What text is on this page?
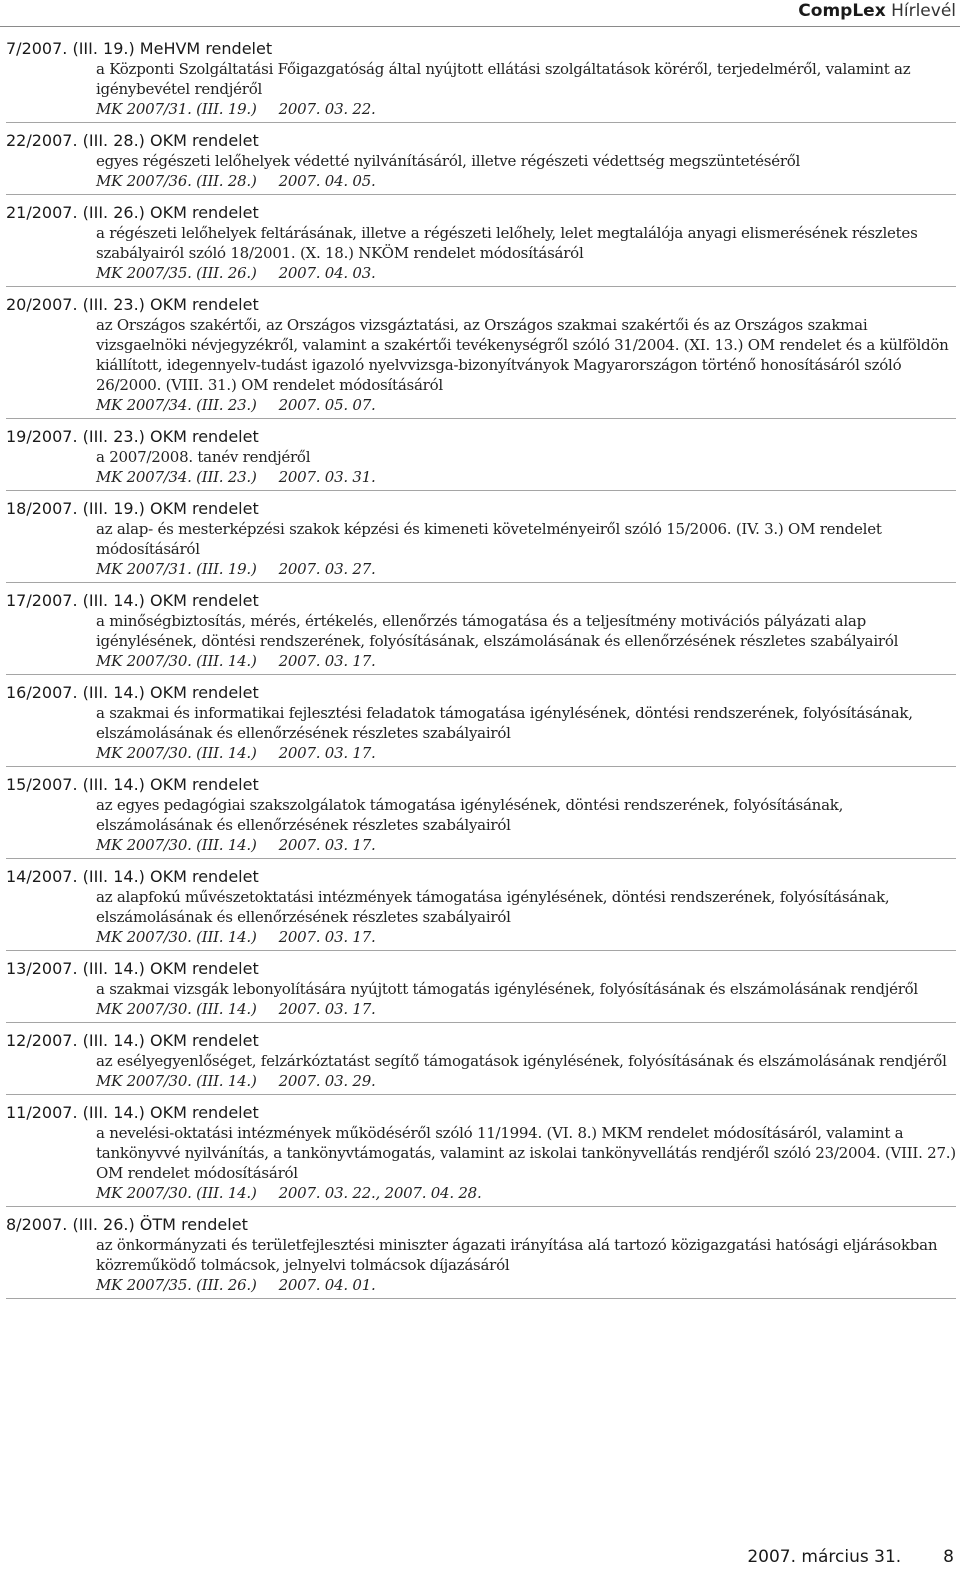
CompLex Hírlevél
7/2007. (III. 19.) MeHVM rendelet
a Központi Szolgáltatási Főigazgatóság által nyújtott ellátási szolgáltatások köréről, terjedelméről, valamint az igénybevétel rendjéről
MK 2007/31. (III. 19.) 2007. 03. 22.
22/2007. (III. 28.) OKM rendelet
egyes régészeti lelőhelyek védetté nyilvánításáról, illetve régészeti védettség megszüntetéséről
MK 2007/36. (III. 28.) 2007. 04. 05.
21/2007. (III. 26.) OKM rendelet
a régészeti lelőhelyek feltárásának, illetve a régészeti lelőhely, lelet megtalálója anyagi elismerésének részletes szabályairól szóló 18/2001. (X. 18.) NKÖM rendelet módosításáról
MK 2007/35. (III. 26.) 2007. 04. 03.
20/2007. (III. 23.) OKM rendelet
az Országos szakértői, az Országos vizsgáztatási, az Országos szakmai szakértői és az Országos szakmai vizsgaelnöki névjegyzékről, valamint a szakértői tevékenységről szóló 31/2004. (XI. 13.) OM rendelet és a külföldön kiállított, idegennyelv-tudást igazoló nyelvvizsga-bizonyítványok Magyarországon történő honosításáról szóló 26/2000. (VIII. 31.) OM rendelet módosításáról
MK 2007/34. (III. 23.) 2007. 05. 07.
19/2007. (III. 23.) OKM rendelet
a 2007/2008. tanév rendjéről
MK 2007/34. (III. 23.) 2007. 03. 31.
18/2007. (III. 19.) OKM rendelet
az alap- és mesterképzési szakok képzési és kimeneti követelményeiről szóló 15/2006. (IV. 3.) OM rendelet módosításáról
MK 2007/31. (III. 19.) 2007. 03. 27.
17/2007. (III. 14.) OKM rendelet
a minőségbiztosítás, mérés, értékelés, ellenőrzés támogatása és a teljesítmény motivációs pályázati alap igénylésének, döntési rendszerének, folyósításának, elszámolásának és ellenőrzésének részletes szabályairól
MK 2007/30. (III. 14.) 2007. 03. 17.
16/2007. (III. 14.) OKM rendelet
a szakmai és informatikai fejlesztési feladatok támogatása igénylésének, döntési rendszerének, folyósításának, elszámolásának és ellenőrzésének részletes szabályairól
MK 2007/30. (III. 14.) 2007. 03. 17.
15/2007. (III. 14.) OKM rendelet
az egyes pedagógiai szakszolgálatok támogatása igénylésének, döntési rendszerének, folyósításának, elszámolásának és ellenőrzésének részletes szabályairól
MK 2007/30. (III. 14.) 2007. 03. 17.
14/2007. (III. 14.) OKM rendelet
az alapfokú művészetoktatási intézmények támogatása igénylésének, döntési rendszerének, folyósításának, elszámolásának és ellenőrzésének részletes szabályairól
MK 2007/30. (III. 14.) 2007. 03. 17.
13/2007. (III. 14.) OKM rendelet
a szakmai vizsgák lebonyolítására nyújtott támogatás igénylésének, folyósításának és elszámolásának rendjéről
MK 2007/30. (III. 14.) 2007. 03. 17.
12/2007. (III. 14.) OKM rendelet
az esélyegyenlőséget, felzárkóztatást segítő támogatások igénylésének, folyósításának és elszámolásának rendjéről
MK 2007/30. (III. 14.) 2007. 03. 29.
11/2007. (III. 14.) OKM rendelet
a nevelési-oktatási intézmények működéséről szóló 11/1994. (VI. 8.) MKM rendelet módosításáról, valamint a tankönyvvé nyilvánítás, a tankönyvtámogatás, valamint az iskolai tankönyvellátás rendjéről szóló 23/2004. (VIII. 27.) OM rendelet módosításáról
MK 2007/30. (III. 14.) 2007. 03. 22., 2007. 04. 28.
8/2007. (III. 26.) ÖTM rendelet
az önkormányzati és területfejlesztési miniszter ágazati irányítása alá tartozó közigazgatási hatósági eljárásokban közreműködő tolmácsok, jelnyelvi tolmácsok díjazásáról
MK 2007/35. (III. 26.) 2007. 04. 01.
2007. március 31. 8
